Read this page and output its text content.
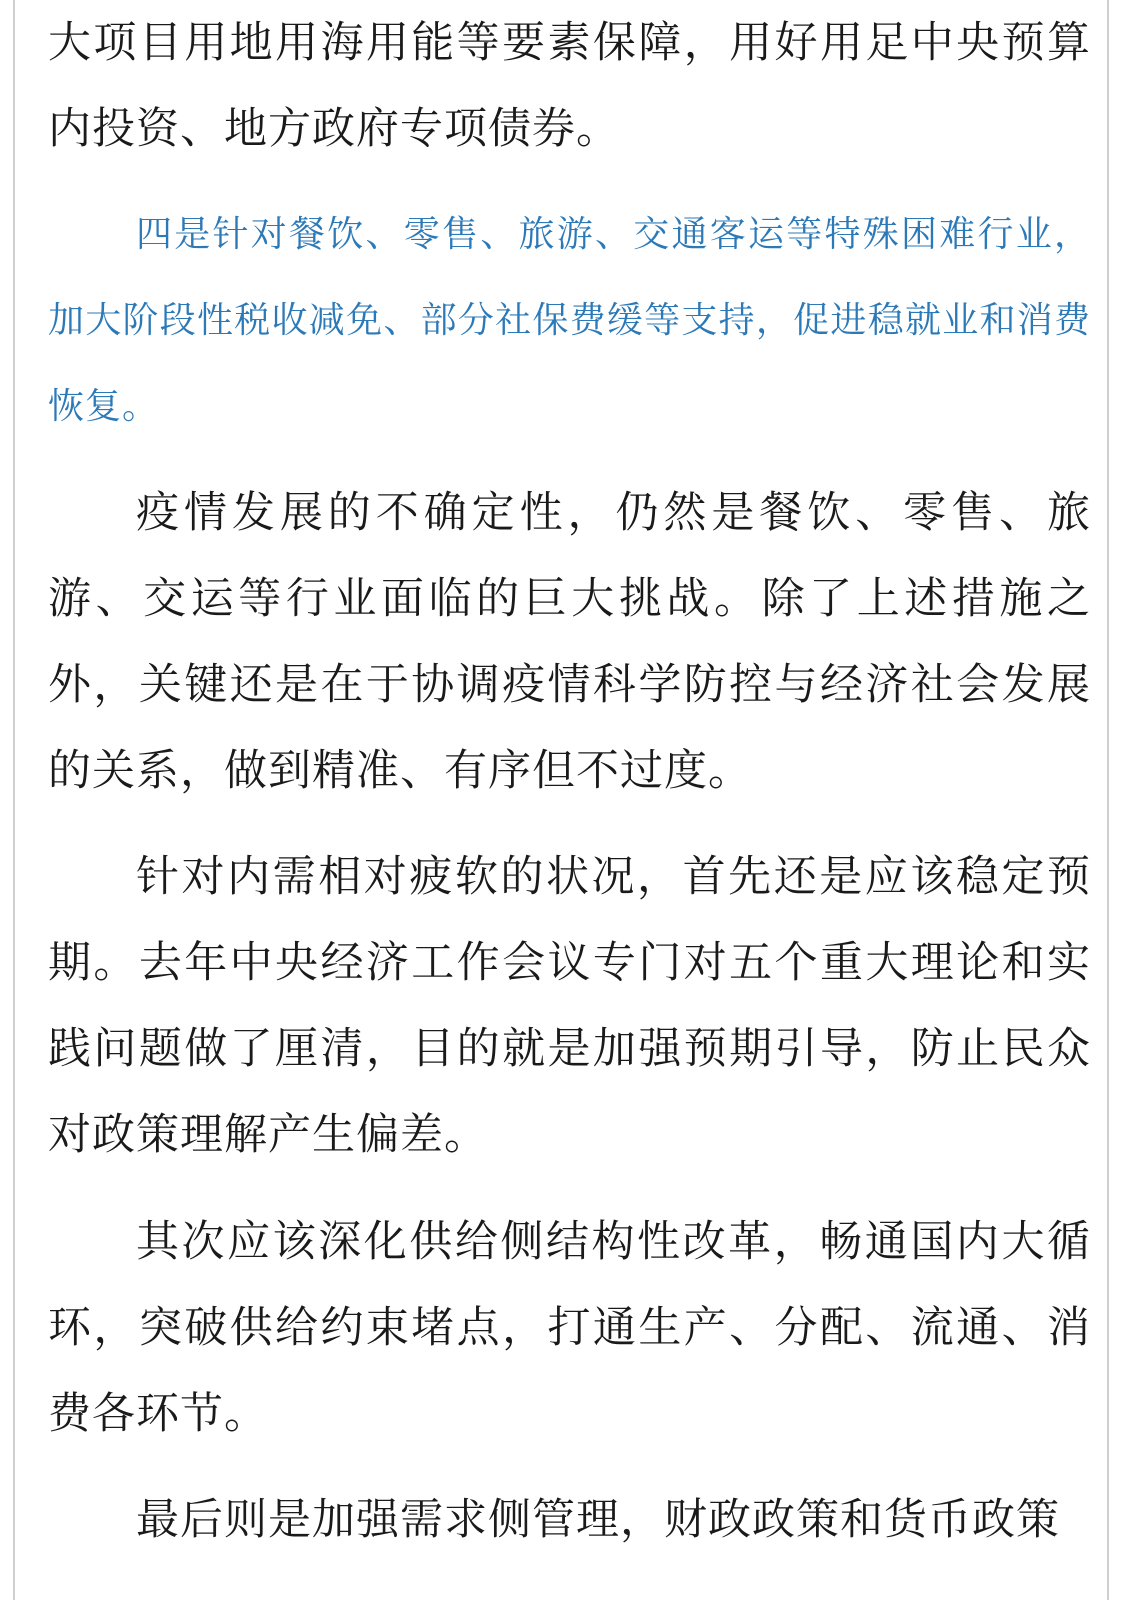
大项目用地用海用能等要素保障，用好用足中央预算内投资、地方政府专项债券。

四是针对餐饮、零售、旅游、交通客运等特殊困难行业，加大阶段性税收减免、部分社保费缓等支持，促进稳就业和消费恢复。

疫情发展的不确定性，仍然是餐饮、零售、旅游、交运等行业面临的巨大挑战。除了上述措施之外，关键还是在于协调疫情科学防控与经济社会发展的关系，做到精准、有序但不过度。

针对内需相对疲软的状况，首先还是应该稳定预期。去年中央经济工作会议专门对五个重大理论和实践问题做了厘清，目的就是加强预期引导，防止民众对政策理解产生偏差。

其次应该深化供给侧结构性改革，畅通国内大循环，突破供给约束堵点，打通生产、分配、流通、消费各环节。

最后则是加强需求侧管理，财政政策和货币政策
